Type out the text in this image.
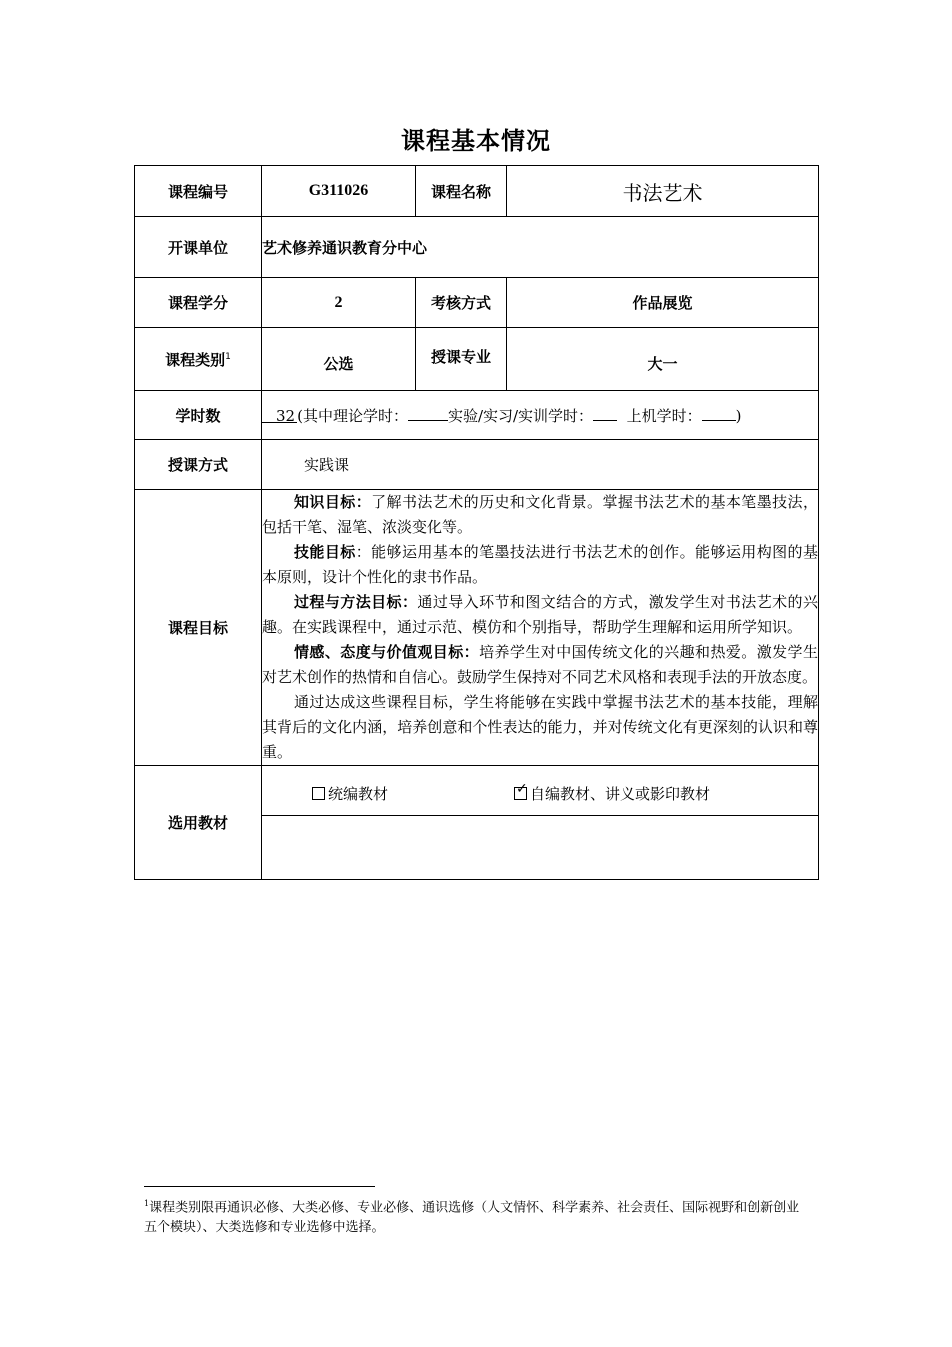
课程基本情况
课程编号	G311026	课程名称	书法艺术
开课单位	艺术修养通识教育分中心		
课程学分	2	考核方式	作品展览
课程类别$^1$	公选	授课专业	大一
学时数	32 (其中理论学时： 实验/实习/实训学时： 上机学时： )		
授课方式	实践课		
课程目标	知识目标：了解书法艺术的历史和文化背景。掌握书法艺术的基本笔墨技法，包括干笔、湿笔、浓淡变化等。

技能目标：能够运用基本的笔墨技法进行书法艺术的创作。能够运用构图的基本原则，设计个性化的隶书作品。

过程与方法目标：通过导入环节和图文结合的方式，激发学生对书法艺术的兴趣。在实践课程中，通过示范、模仿和个别指导，帮助学生理解和运用所学知识。

情感、态度与价值观目标：培养学生对中国传统文化的兴趣和热爱。激发学生对艺术创作的热情和自信心。鼓励学生保持对不同艺术风格和表现手法的开放态度。

通过达成这些课程目标，学生将能够在实践中掌握书法艺术的基本技能，理解其背后的文化内涵，培养创意和个性表达的能力，并对传统文化有更深刻的认识和尊重。		

选用教材	统编教材 ✓ 自编教材、讲义或影印教材		
$^1$课程类别限再通识必修、大类必修、专业必修、通识选修（人文情怀、科学素养、社会责任、国际视野和创新创业五个模块）、大类选修和专业选修中选择。
